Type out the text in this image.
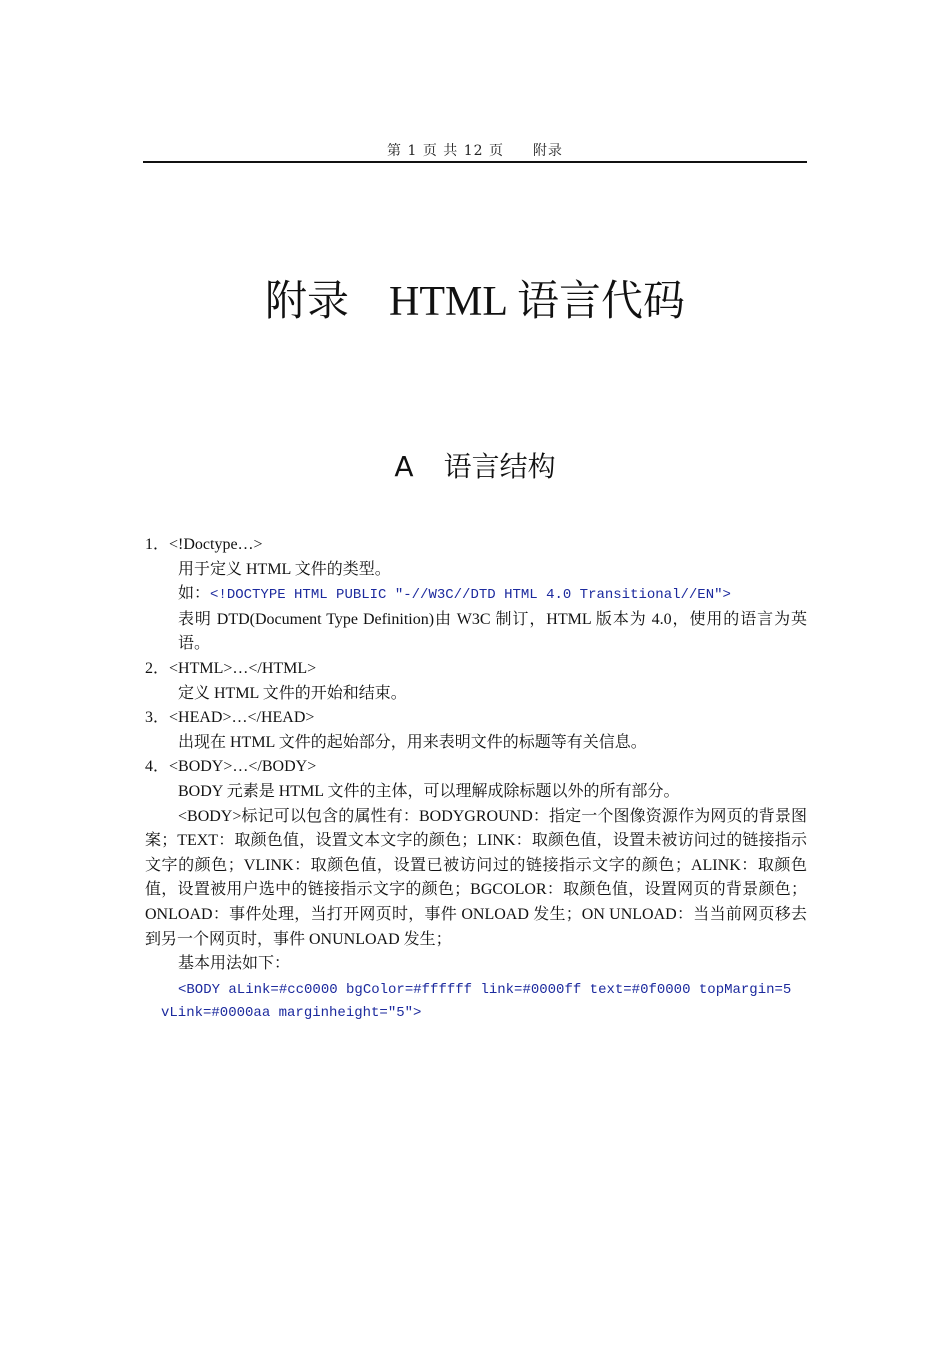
第 1 页 共 12 页 附录
附录 HTML 语言代码
A 语言结构
1．<!Doctype…>
用于定义 HTML 文件的类型。
如：<!DOCTYPE HTML PUBLIC "-//W3C//DTD HTML 4.0 Transitional//EN">
表明 DTD(Document Type Definition)由 W3C 制订，HTML 版本为 4.0，使用的语言为英语。
2．<HTML>…</HTML>
定义 HTML 文件的开始和结束。
3．<HEAD>…</HEAD>
出现在 HTML 文件的起始部分，用来表明文件的标题等有关信息。
4．<BODY>…</BODY>
BODY 元素是 HTML 文件的主体，可以理解成除标题以外的所有部分。
<BODY>标记可以包含的属性有：BODYGROUND：指定一个图像资源作为网页的背景图案；TEXT：取颜色值，设置文本文字的颜色；LINK：取颜色值，设置未被访问过的链接指示文字的颜色；VLINK：取颜色值，设置已被访问过的链接指示文字的颜色；ALINK：取颜色值，设置被用户选中的链接指示文字的颜色；BGCOLOR：取颜色值，设置网页的背景颜色；ONLOAD：事件处理，当打开网页时，事件 ONLOAD 发生；ON UNLOAD：当当前网页移去到另一个网页时，事件 ONUNLOAD 发生；
基本用法如下：
<BODY aLink=#cc0000 bgColor=#ffffff link=#0000ff text=#0f0000 topMargin=5 vLink=#0000aa marginheight="5">
